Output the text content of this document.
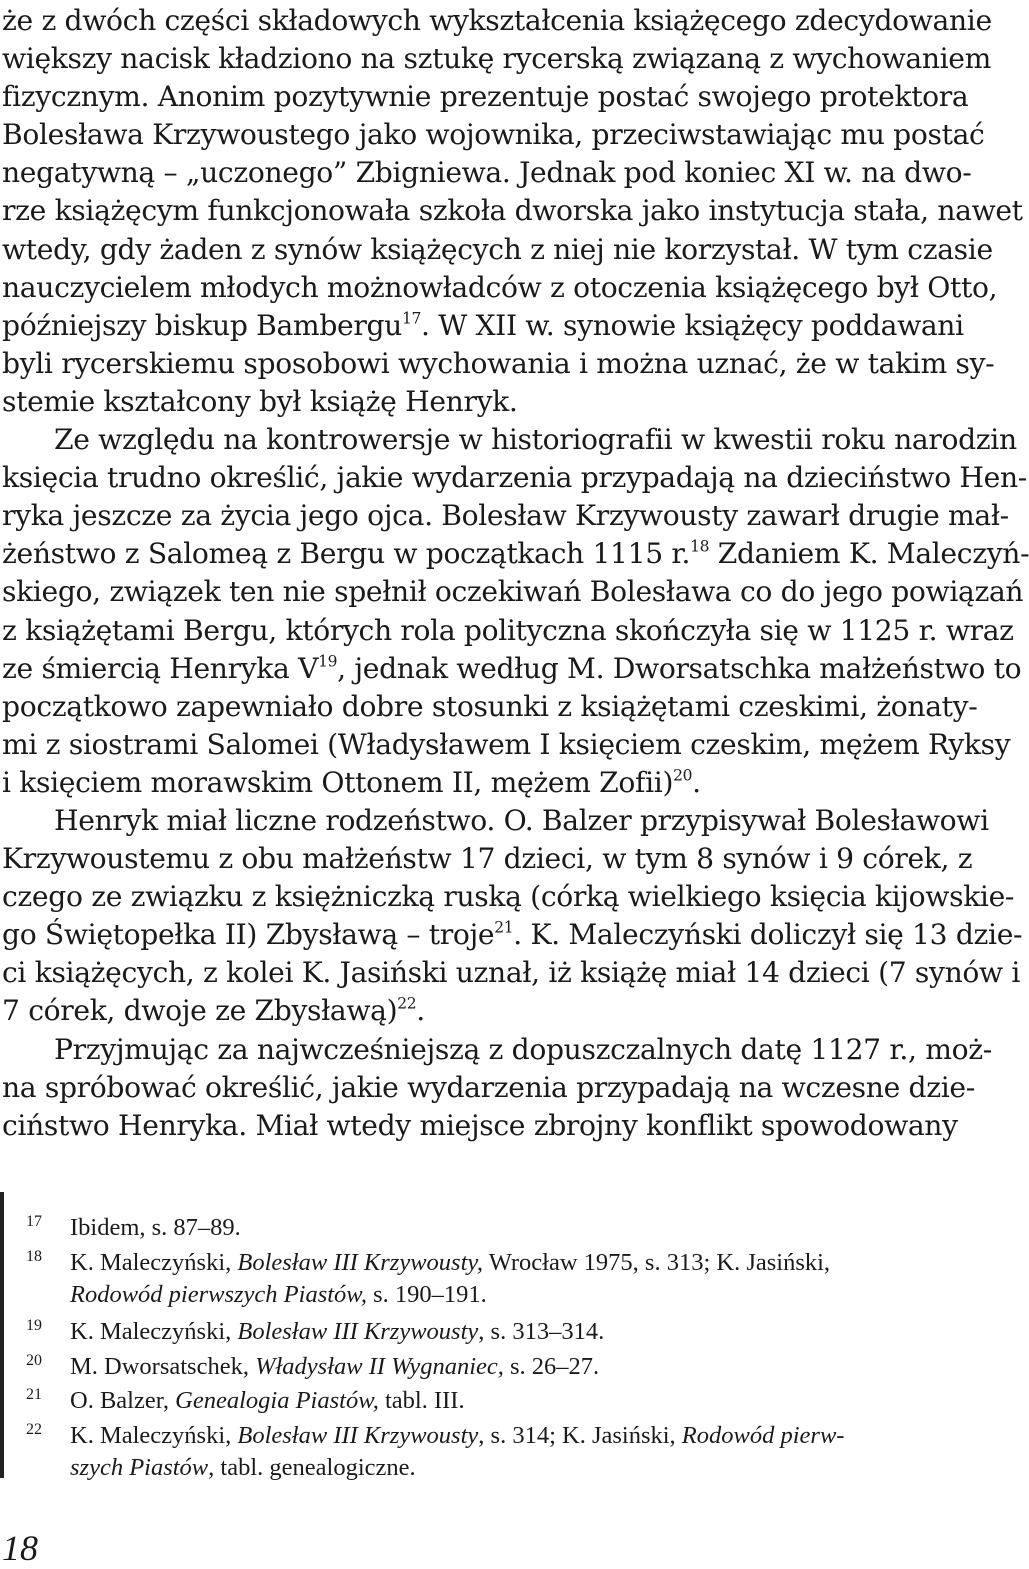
że z dwóch części składowych wykształcenia książęcego zdecydowanie
większy nacisk kładziono na sztukę rycerską związaną z wychowaniem
fizycznym. Anonim pozytywnie prezentuje postać swojego protektora
Bolesława Krzywoustego jako wojownika, przeciwstawiając mu postać
negatywną – „uczonego” Zbigniewa. Jednak pod koniec XI w. na dwo-
rze książęcym funkcjonowała szkoła dworska jako instytucja stała, nawet
wtedy, gdy żaden z synów książęcych z niej nie korzystał. W tym czasie
nauczycielem młodych możnowładców z otoczenia książęcego był Otto,
późniejszy biskup Bambergu$^{17}$. W XII w. synowie książęcy poddawani
byli rycerskiemu sposobowi wychowania i można uznać, że w takim sy-
stemie kształcony był książę Henryk.
Ze względu na kontrowersje w historiografii w kwestii roku narodzin
księcia trudno określić, jakie wydarzenia przypadają na dzieciństwo Hen-
ryka jeszcze za życia jego ojca. Bolesław Krzywousty zawarł drugie mał-
żeństwo z Salomeą z Bergu w początkach 1115 r.$^{18}$ Zdaniem K. Maleczyń-
skiego, związek ten nie spełnił oczekiwań Bolesława co do jego powiązań
z książętami Bergu, których rola polityczna skończyła się w 1125 r. wraz
ze śmiercią Henryka $V^{19}$, jednak według M. Dworsatschka małżeństwo to
początkowo zapewniało dobre stosunki z książętami czeskimi, żonaty-
mi z siostrami Salomei (Władysławem I księciem czeskim, mężem Ryksy
i księciem morawskim Ottonem II, mężem Zofii)$^{20}$.
Henryk miał liczne rodzeństwo. O. Balzer przypisywał Bolesławowi
Krzywoustemu z obu małżeństw 17 dzieci, w tym 8 synów i 9 córek, z
czego ze związku z księżniczką ruską (córką wielkiego księcia kijowskie-
go Świętopełka II) Zbysławą – troje$^{21}$. K. Maleczyński doliczył się 13 dzie-
ci książęcych, z kolei K. Jasiński uznał, iż książę miał 14 dzieci (7 synów i
7 córek, dwoje ze Zbysławą)$^{22}$.
Przyjmując za najwcześniejszą z dopuszczalnych datę 1127 r., moż-
na spróbować określić, jakie wydarzenia przypadają na wczesne dzie-
ciństwo Henryka. Miał wtedy miejsce zbrojny konflikt spowodowany
17 Ibidem, s. 87–89.
18 K. Maleczyński, Bolesław III Krzywousty, Wrocław 1975, s. 313; K. Jasiński,
Rodowód pierwszych Piastów, s. 190–191.
19 K. Maleczyński, Bolesław III Krzywousty, s. 313–314.
20 M. Dworsatschek, Władysław II Wygnaniec, s. 26–27.
21 O. Balzer, Genealogia Piastów, tabl. III.
22 K. Maleczyński, Bolesław III Krzywousty, s. 314; K. Jasiński, Rodowód pierw-
szych Piastów, tabl. genealogiczne.
18
